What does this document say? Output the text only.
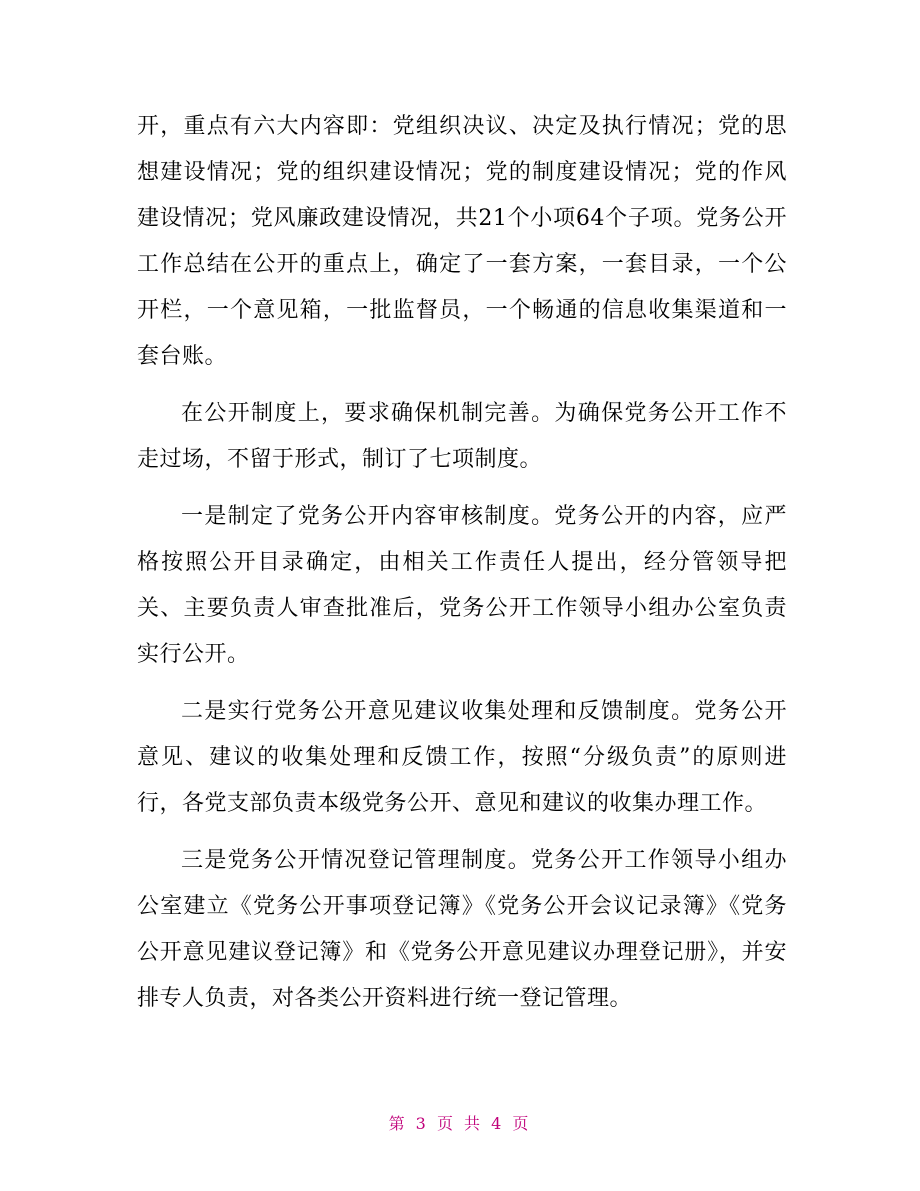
开，重点有六大内容即：党组织决议、决定及执行情况；党的思想建设情况；党的组织建设情况；党的制度建设情况；党的作风建设情况；党风廉政建设情况，共21个小项64个子项。党务公开工作总结在公开的重点上，确定了一套方案，一套目录，一个公开栏，一个意见箱，一批监督员，一个畅通的信息收集渠道和一套台账。

在公开制度上，要求确保机制完善。为确保党务公开工作不走过场，不留于形式，制订了七项制度。

一是制定了党务公开内容审核制度。党务公开的内容，应严格按照公开目录确定，由相关工作责任人提出，经分管领导把关、主要负责人审查批准后，党务公开工作领导小组办公室负责实行公开。

二是实行党务公开意见建议收集处理和反馈制度。党务公开意见、建议的收集处理和反馈工作，按照“分级负责”的原则进行，各党支部负责本级党务公开、意见和建议的收集办理工作。

三是党务公开情况登记管理制度。党务公开工作领导小组办公室建立《党务公开事项登记簿》《党务公开会议记录簿》《党务公开意见建议登记簿》和《党务公开意见建议办理登记册》，并安排专人负责，对各类公开资料进行统一登记管理。

第 3 页 共 4 页
